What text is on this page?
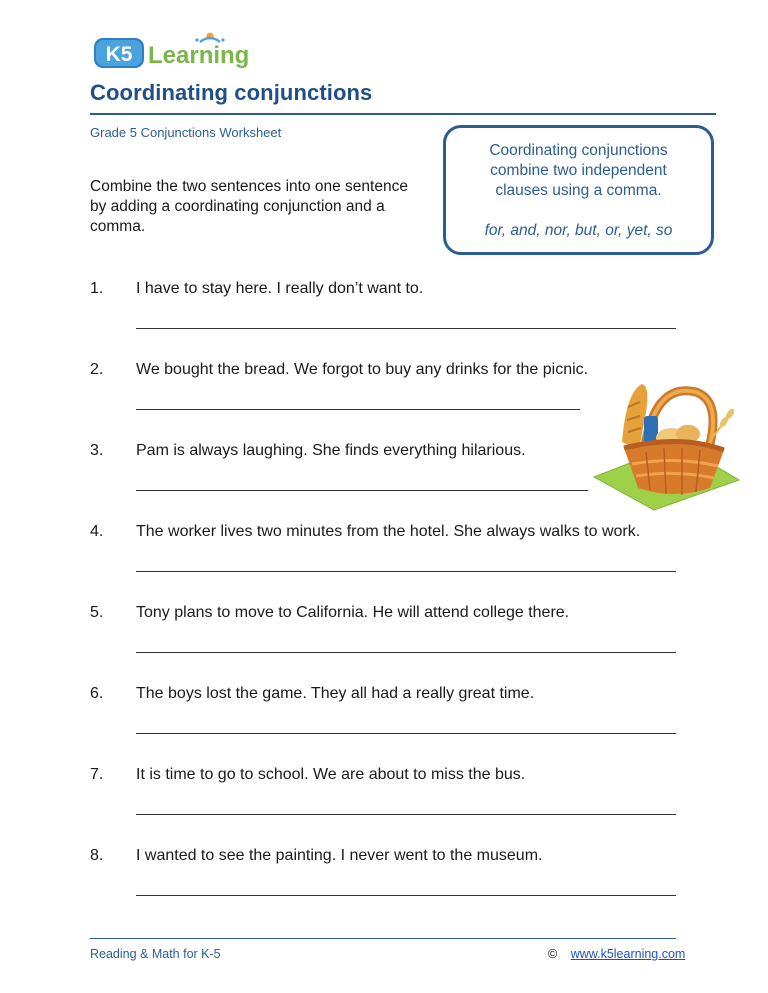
K5 Learning
Coordinating conjunctions
Grade 5 Conjunctions Worksheet
Combine the two sentences into one sentence by adding a coordinating conjunction and a comma.
Coordinating conjunctions combine two independent clauses using a comma.
for, and, nor, but, or, yet, so
1. I have to stay here. I really don’t want to.
2. We bought the bread. We forgot to buy any drinks for the picnic.
3. Pam is always laughing. She finds everything hilarious.
4. The worker lives two minutes from the hotel. She always walks to work.
5. Tony plans to move to California. He will attend college there.
6. The boys lost the game. They all had a really great time.
7. It is time to go to school. We are about to miss the bus.
8. I wanted to see the painting. I never went to the museum.
Reading & Math for K-5	© www.k5learning.com
